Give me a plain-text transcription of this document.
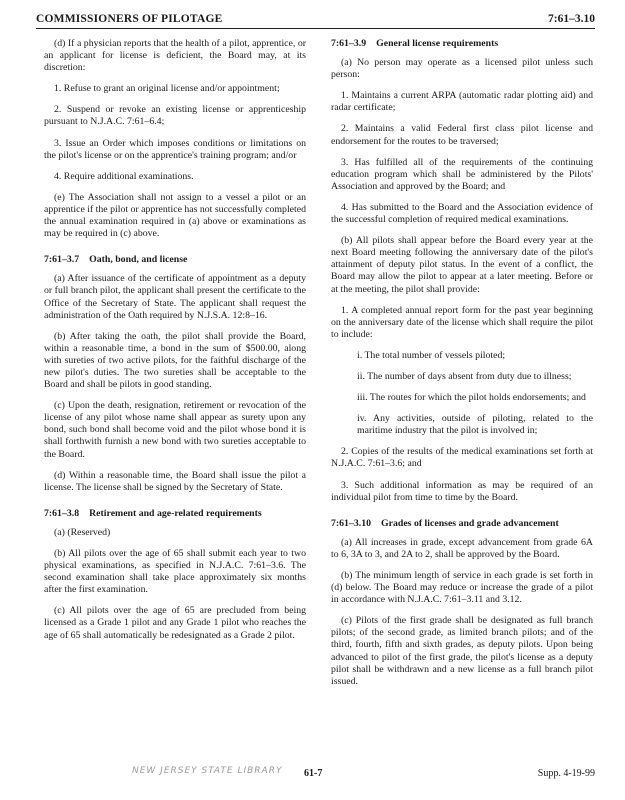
COMMISSIONERS OF PILOTAGE	7:61–3.10

(d) If a physician reports that the health of a pilot, apprentice, or an applicant for license is deficient, the Board may, at its discretion:

1. Refuse to grant an original license and/or appointment;

2. Suspend or revoke an existing license or apprenticeship pursuant to N.J.A.C. 7:61–6.4;

3. Issue an Order which imposes conditions or limitations on the pilot's license or on the apprentice's training program; and/or

4. Require additional examinations.

(e) The Association shall not assign to a vessel a pilot or an apprentice if the pilot or apprentice has not successfully completed the annual examination required in (a) above or examinations as may be required in (c) above.

7:61–3.7 Oath, bond, and license

(a) After issuance of the certificate of appointment as a deputy or full branch pilot, the applicant shall present the certificate to the Office of the Secretary of State. The applicant shall request the administration of the Oath required by N.J.S.A. 12:8–16.

(b) After taking the oath, the pilot shall provide the Board, within a reasonable time, a bond in the sum of $500.00, along with sureties of two active pilots, for the faithful discharge of the new pilot's duties. The two sureties shall be acceptable to the Board and shall be pilots in good standing.

(c) Upon the death, resignation, retirement or revocation of the license of any pilot whose name shall appear as surety upon any bond, such bond shall become void and the pilot whose bond it is shall forthwith furnish a new bond with two sureties acceptable to the Board.

(d) Within a reasonable time, the Board shall issue the pilot a license. The license shall be signed by the Secretary of State.

7:61–3.8 Retirement and age-related requirements

(a) (Reserved)

(b) All pilots over the age of 65 shall submit each year to two physical examinations, as specified in N.J.A.C. 7:61–3.6. The second examination shall take place approximately six months after the first examination.

(c) All pilots over the age of 65 are precluded from being licensed as a Grade 1 pilot and any Grade 1 pilot who reaches the age of 65 shall automatically be redesignated as a Grade 2 pilot.

7:61–3.9 General license requirements

(a) No person may operate as a licensed pilot unless such person:

1. Maintains a current ARPA (automatic radar plotting aid) and radar certificate;

2. Maintains a valid Federal first class pilot license and endorsement for the routes to be traversed;

3. Has fulfilled all of the requirements of the continuing education program which shall be administered by the Pilots' Association and approved by the Board; and

4. Has submitted to the Board and the Association evidence of the successful completion of required medical examinations.

(b) All pilots shall appear before the Board every year at the next Board meeting following the anniversary date of the pilot's attainment of deputy pilot status. In the event of a conflict, the Board may allow the pilot to appear at a later meeting. Before or at the meeting, the pilot shall provide:

1. A completed annual report form for the past year beginning on the anniversary date of the license which shall require the pilot to include:

i. The total number of vessels piloted;

ii. The number of days absent from duty due to illness;

iii. The routes for which the pilot holds endorsements; and

iv. Any activities, outside of piloting, related to the maritime industry that the pilot is involved in;

2. Copies of the results of the medical examinations set forth at N.J.A.C. 7:61–3.6; and

3. Such additional information as may be required of an individual pilot from time to time by the Board.

7:61–3.10 Grades of licenses and grade advancement

(a) All increases in grade, except advancement from grade 6A to 6, 3A to 3, and 2A to 2, shall be approved by the Board.

(b) The minimum length of service in each grade is set forth in (d) below. The Board may reduce or increase the grade of a pilot in accordance with N.J.A.C. 7:61–3.11 and 3.12.

(c) Pilots of the first grade shall be designated as full branch pilots; of the second grade, as limited branch pilots; and of the third, fourth, fifth and sixth grades, as deputy pilots. Upon being advanced to pilot of the first grade, the pilot's license as a deputy pilot shall be withdrawn and a new license as a full branch pilot issued.

NEW JERSEY STATE LIBRARY 61-7	Supp. 4-19-99
